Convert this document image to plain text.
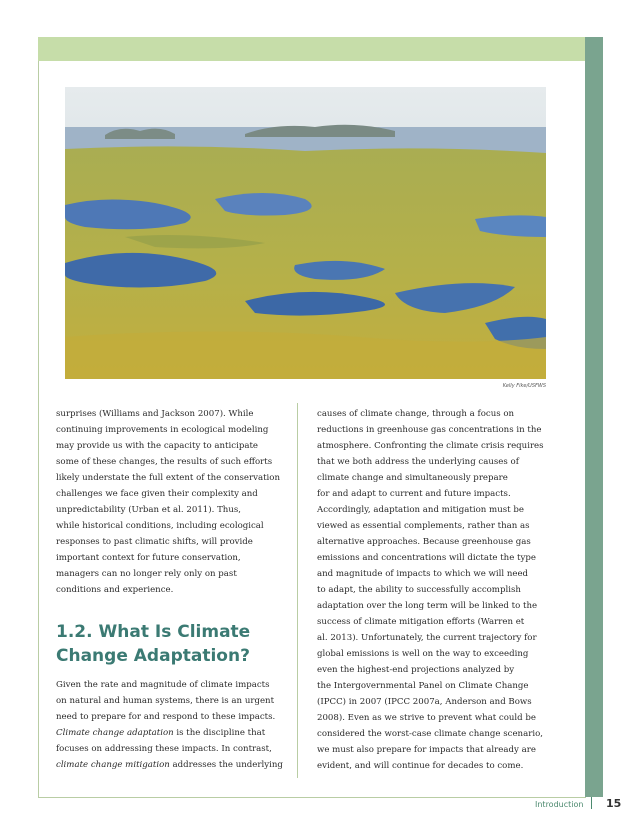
Kelly Fike/USFWS
surprises (Williams and Jackson 2007). While
continuing improvements in ecological modeling
may provide us with the capacity to anticipate
some of these changes, the results of such efforts
likely understate the full extent of the conservation
challenges we face given their complexity and
unpredictability (Urban et al. 2011). Thus,
while historical conditions, including ecological
responses to past climatic shifts, will provide
important context for future conservation,
managers can no longer rely only on past
conditions and experience.
1.2. What Is Climate
Change Adaptation?
Given the rate and magnitude of climate impacts
on natural and human systems, there is an urgent
need to prepare for and respond to these impacts.
Climate change adaptation is the discipline that
focuses on addressing these impacts. In contrast,
climate change mitigation addresses the underlying
causes of climate change, through a focus on
reductions in greenhouse gas concentrations in the
atmosphere. Confronting the climate crisis requires
that we both address the underlying causes of
climate change and simultaneously prepare
for and adapt to current and future impacts.
Accordingly, adaptation and mitigation must be
viewed as essential complements, rather than as
alternative approaches. Because greenhouse gas
emissions and concentrations will dictate the type
and magnitude of impacts to which we will need
to adapt, the ability to successfully accomplish
adaptation over the long term will be linked to the
success of climate mitigation efforts (Warren et
al. 2013). Unfortunately, the current trajectory for
global emissions is well on the way to exceeding
even the highest-end projections analyzed by
the Intergovernmental Panel on Climate Change
(IPCC) in 2007 (IPCC 2007a, Anderson and Bows
2008). Even as we strive to prevent what could be
considered the worst-case climate change scenario,
we must also prepare for impacts that already are
evident, and will continue for decades to come.
Introduction 15
